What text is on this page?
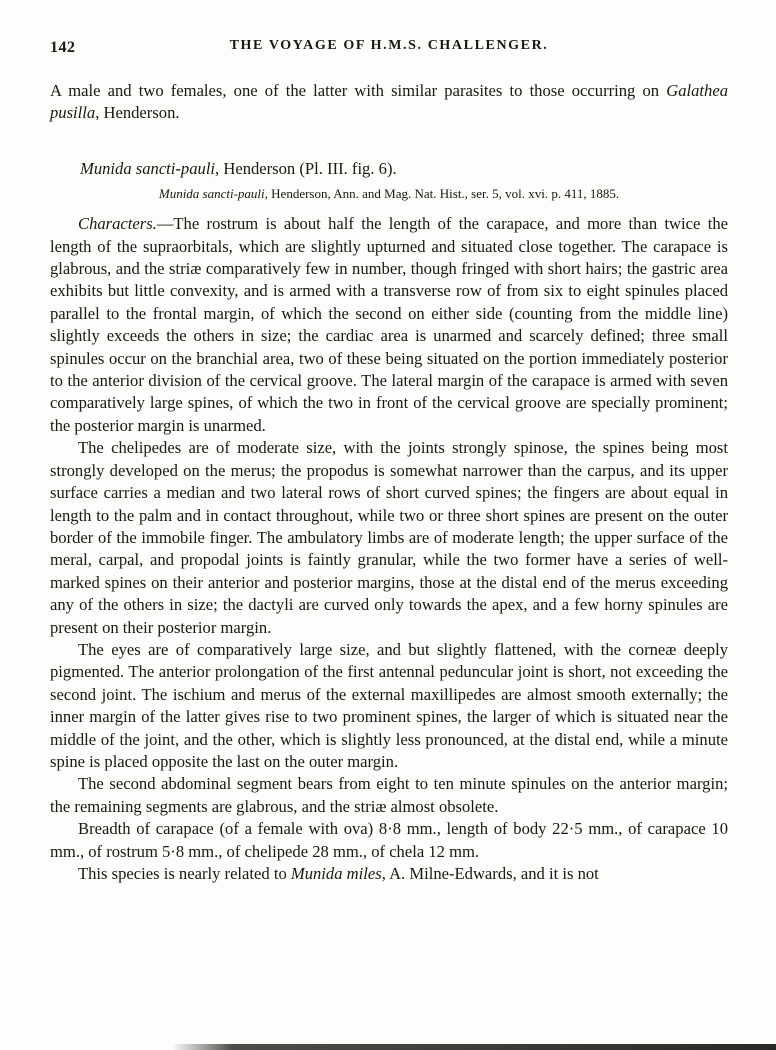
142	THE VOYAGE OF H.M.S. CHALLENGER.

A male and two females, one of the latter with similar parasites to those occurring on Galathea pusilla, Henderson.

Munida sancti-pauli, Henderson (Pl. III. fig. 6).

Munida sancti-pauli, Henderson, Ann. and Mag. Nat. Hist., ser. 5, vol. xvi. p. 411, 1885.

Characters.—The rostrum is about half the length of the carapace, and more than twice the length of the supraorbitals, which are slightly upturned and situated close together. The carapace is glabrous, and the striæ comparatively few in number, though fringed with short hairs; the gastric area exhibits but little convexity, and is armed with a transverse row of from six to eight spinules placed parallel to the frontal margin, of which the second on either side (counting from the middle line) slightly exceeds the others in size; the cardiac area is unarmed and scarcely defined; three small spinules occur on the branchial area, two of these being situated on the portion immediately posterior to the anterior division of the cervical groove. The lateral margin of the carapace is armed with seven comparatively large spines, of which the two in front of the cervical groove are specially prominent; the posterior margin is unarmed.

The chelipedes are of moderate size, with the joints strongly spinose, the spines being most strongly developed on the merus; the propodus is somewhat narrower than the carpus, and its upper surface carries a median and two lateral rows of short curved spines; the fingers are about equal in length to the palm and in contact throughout, while two or three short spines are present on the outer border of the immobile finger. The ambulatory limbs are of moderate length; the upper surface of the meral, carpal, and propodal joints is faintly granular, while the two former have a series of well-marked spines on their anterior and posterior margins, those at the distal end of the merus exceeding any of the others in size; the dactyli are curved only towards the apex, and a few horny spinules are present on their posterior margin.

The eyes are of comparatively large size, and but slightly flattened, with the corneæ deeply pigmented. The anterior prolongation of the first antennal peduncular joint is short, not exceeding the second joint. The ischium and merus of the external maxillipedes are almost smooth externally; the inner margin of the latter gives rise to two prominent spines, the larger of which is situated near the middle of the joint, and the other, which is slightly less pronounced, at the distal end, while a minute spine is placed opposite the last on the outer margin.

The second abdominal segment bears from eight to ten minute spinules on the anterior margin; the remaining segments are glabrous, and the striæ almost obsolete.

Breadth of carapace (of a female with ova) 8·8 mm., length of body 22·5 mm., of carapace 10 mm., of rostrum 5·8 mm., of chelipede 28 mm., of chela 12 mm.

This species is nearly related to Munida miles, A. Milne-Edwards, and it is not
